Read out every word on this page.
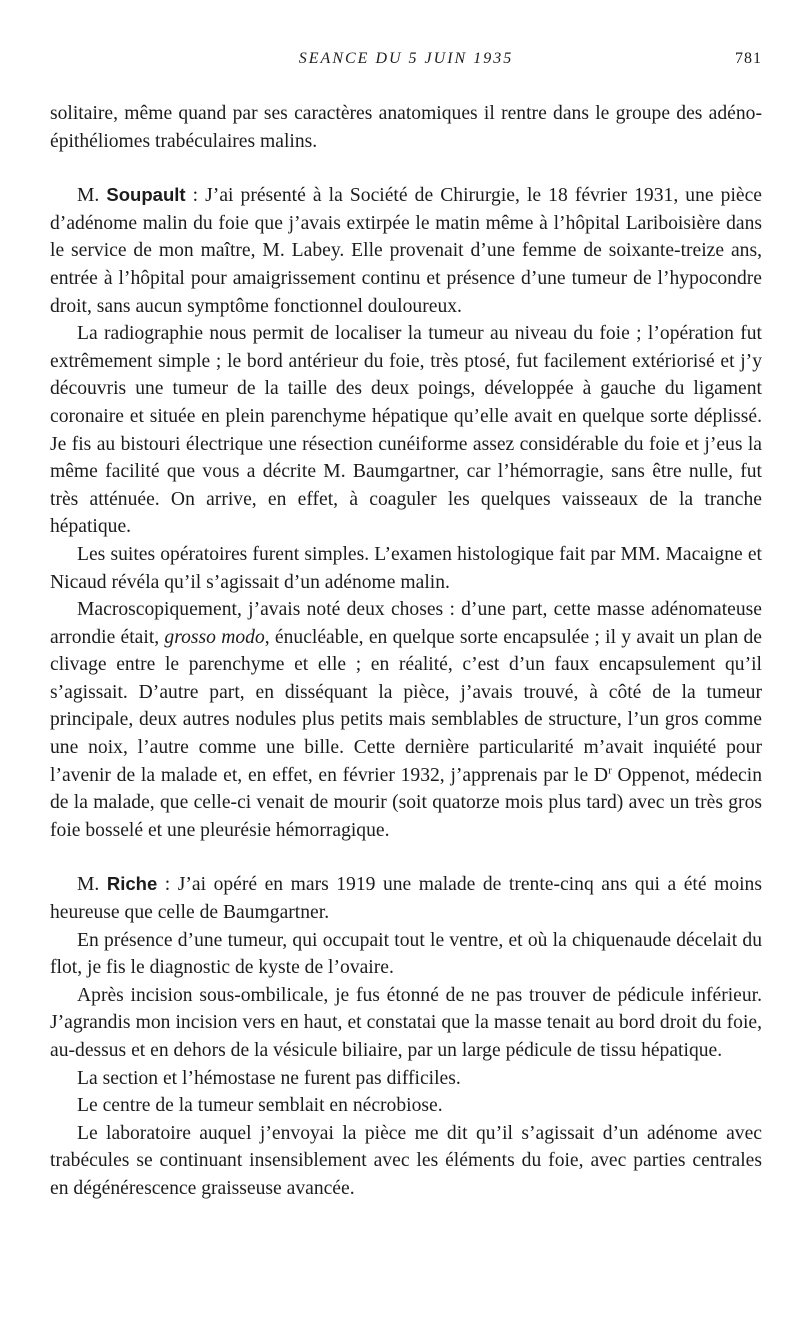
SEANCE DU 5 JUIN 1935	781

solitaire, même quand par ses caractères anatomiques il rentre dans le groupe des adéno-épithéliomes trabéculaires malins.

M. Soupault : J’ai présenté à la Société de Chirurgie, le 18 février 1931, une pièce d’adénome malin du foie que j’avais extirpée le matin même à l’hôpital Lariboisière dans le service de mon maître, M. Labey. Elle provenait d’une femme de soixante-treize ans, entrée à l’hôpital pour amaigrissement continu et présence d’une tumeur de l’hypocondre droit, sans aucun symptôme fonctionnel douloureux.

La radiographie nous permit de localiser la tumeur au niveau du foie ; l’opération fut extrêmement simple ; le bord antérieur du foie, très ptosé, fut facilement extériorisé et j’y découvris une tumeur de la taille des deux poings, développée à gauche du ligament coronaire et située en plein parenchyme hépatique qu’elle avait en quelque sorte déplissé. Je fis au bistouri électrique une résection cunéiforme assez considérable du foie et j’eus la même facilité que vous a décrite M. Baumgartner, car l’hémorragie, sans être nulle, fut très atténuée. On arrive, en effet, à coaguler les quelques vaisseaux de la tranche hépatique.

Les suites opératoires furent simples. L’examen histologique fait par MM. Macaigne et Nicaud révéla qu’il s’agissait d’un adénome malin.

Macroscopiquement, j’avais noté deux choses : d’une part, cette masse adénomateuse arrondie était, grosso modo, énucléable, en quelque sorte encapsulée ; il y avait un plan de clivage entre le parenchyme et elle ; en réalité, c’est d’un faux encapsulement qu’il s’agissait. D’autre part, en disséquant la pièce, j’avais trouvé, à côté de la tumeur principale, deux autres nodules plus petits mais semblables de structure, l’un gros comme une noix, l’autre comme une bille. Cette dernière particularité m’avait inquiété pour l’avenir de la malade et, en effet, en février 1932, j’apprenais par le $D^r$ Oppenot, médecin de la malade, que celle-ci venait de mourir (soit quatorze mois plus tard) avec un très gros foie bosselé et une pleurésie hémorragique.

M. Riche : J’ai opéré en mars 1919 une malade de trente-cinq ans qui a été moins heureuse que celle de Baumgartner.

En présence d’une tumeur, qui occupait tout le ventre, et où la chiquenaude décelait du flot, je fis le diagnostic de kyste de l’ovaire.

Après incision sous-ombilicale, je fus étonné de ne pas trouver de pédicule inférieur. J’agrandis mon incision vers en haut, et constatai que la masse tenait au bord droit du foie, au-dessus et en dehors de la vésicule biliaire, par un large pédicule de tissu hépatique.

La section et l’hémostase ne furent pas difficiles.

Le centre de la tumeur semblait en nécrobiose.

Le laboratoire auquel j’envoyai la pièce me dit qu’il s’agissait d’un adénome avec trabécules se continuant insensiblement avec les éléments du foie, avec parties centrales en dégénérescence graisseuse avancée.
